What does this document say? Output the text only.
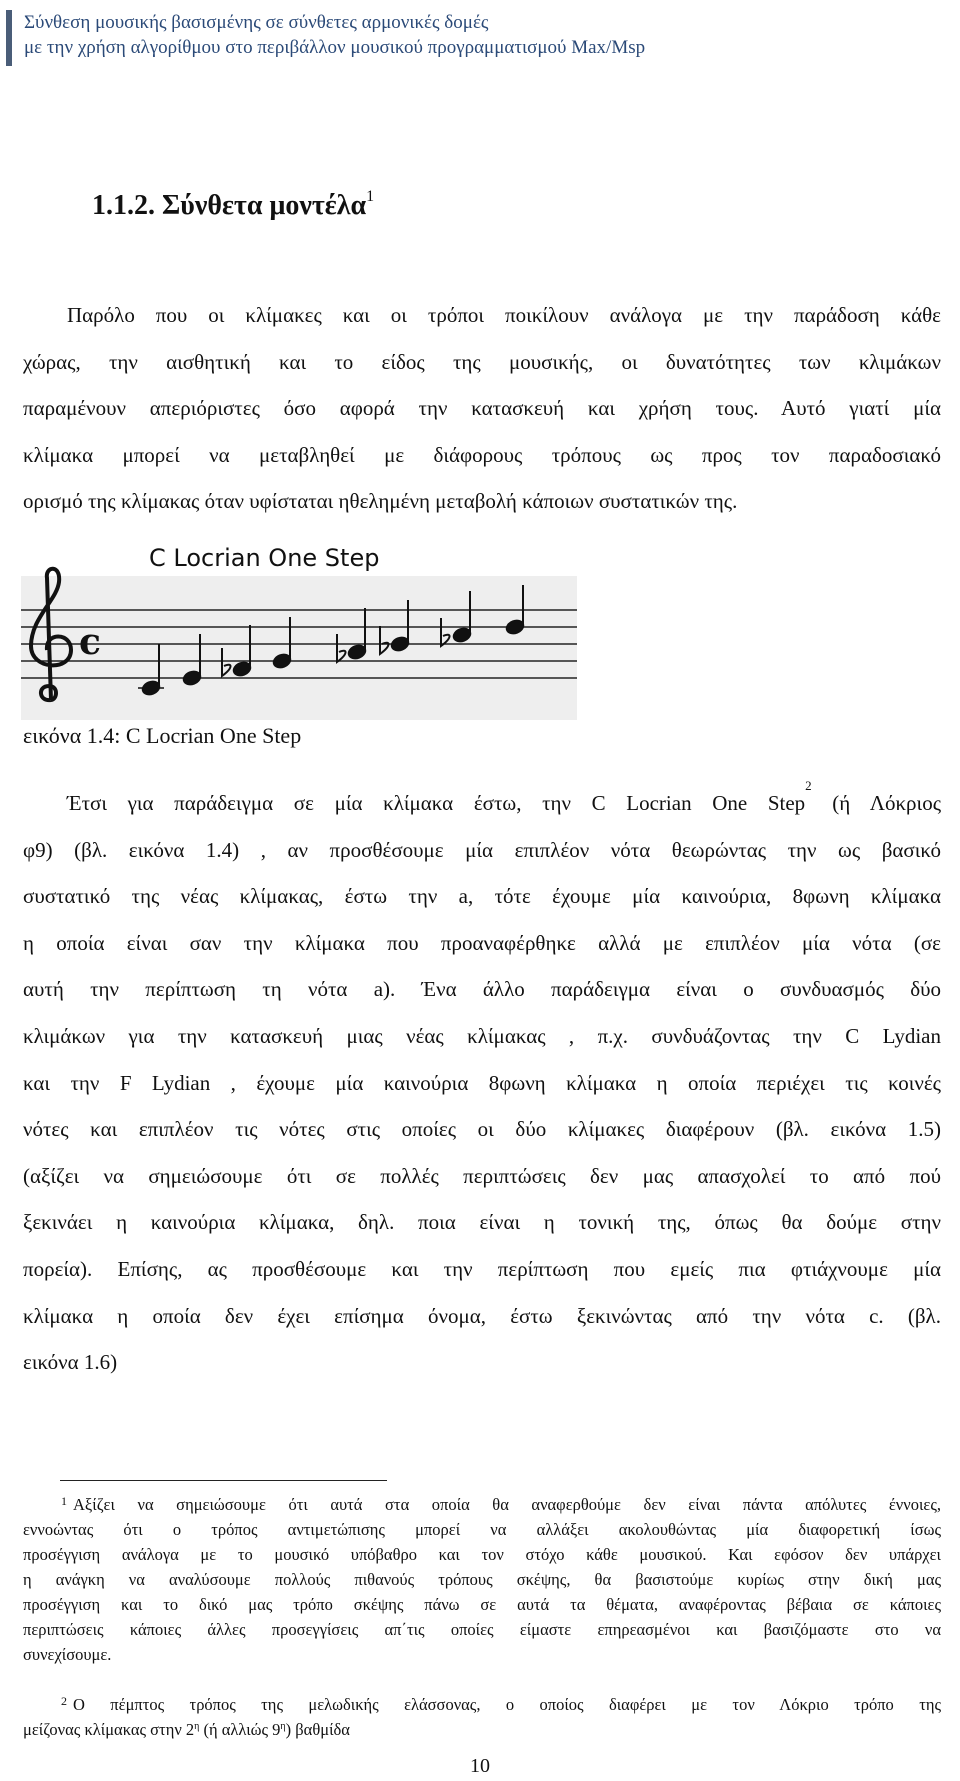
Σύνθεση μουσικής βασισμένης σε σύνθετες αρμονικές δομές
με την χρήση αλγορίθμου στο περιβάλλον μουσικού προγραμματισμού Max/Msp
1.1.2. Σύνθετα μοντέλα$^1$
Παρόλο που οι κλίμακες και οι τρόποι ποικίλουν ανάλογα με την παράδοση κάθε
χώρας, την αισθητική και το είδος της μουσικής, οι δυνατότητες των κλιμάκων
παραμένουν απεριόριστες όσο αφορά την κατασκευή και χρήση τους. Αυτό γιατί μία
κλίμακα μπορεί να μεταβληθεί με διάφορους τρόπους ως προς τον παραδοσιακό
ορισμό της κλίμακας όταν υφίσταται ηθελημένη μεταβολή κάποιων συστατικών της.
C Locrian One Step
c
εικόνα 1.4: C Locrian One Step
Έτσι για παράδειγμα σε μία κλίμακα έστω, την C Locrian One Step$^2$ (ή Λόκριος
φ9) (βλ. εικόνα 1.4) , αν προσθέσουμε μία επιπλέον νότα θεωρώντας την ως βασικό
συστατικό της νέας κλίμακας, έστω την a, τότε έχουμε μία καινούρια, 8φωνη κλίμακα
η οποία είναι σαν την κλίμακα που προαναφέρθηκε αλλά με επιπλέον μία νότα (σε
αυτή την περίπτωση τη νότα a). Ένα άλλο παράδειγμα είναι ο συνδυασμός δύο
κλιμάκων για την κατασκευή μιας νέας κλίμακας , π.χ. συνδυάζοντας την C Lydian
και την F Lydian , έχουμε μία καινούρια 8φωνη κλίμακα η οποία περιέχει τις κοινές
νότες και επιπλέον τις νότες στις οποίες οι δύο κλίμακες διαφέρουν (βλ. εικόνα 1.5)
(αξίζει να σημειώσουμε ότι σε πολλές περιπτώσεις δεν μας απασχολεί το από πού
ξεκινάει η καινούρια κλίμακα, δηλ. ποια είναι η τονική της, όπως θα δούμε στην
πορεία). Επίσης, ας προσθέσουμε και την περίπτωση που εμείς πια φτιάχνουμε μία
κλίμακα η οποία δεν έχει επίσημα όνομα, έστω ξεκινώντας από την νότα c. (βλ.
εικόνα 1.6)
$^1$ Αξίζει να σημειώσουμε ότι αυτά στα οποία θα αναφερθούμε δεν είναι πάντα απόλυτες έννοιες,
εννοώντας ότι ο τρόπος αντιμετώπισης μπορεί να αλλάξει ακολουθώντας μία διαφορετική ίσως
προσέγγιση ανάλογα με το μουσικό υπόβαθρο και τον στόχο κάθε μουσικού. Και εφόσον δεν υπάρχει
η ανάγκη να αναλύσουμε πολλούς πιθανούς τρόπους σκέψης, θα βασιστούμε κυρίως στην δική μας
προσέγγιση και το δικό μας τρόπο σκέψης πάνω σε αυτά τα θέματα, αναφέροντας βέβαια σε κάποιες
περιπτώσεις κάποιες άλλες προσεγγίσεις απ΄τις οποίες είμαστε επηρεασμένοι και βασιζόμαστε στο να
συνεχίσουμε.
$^2$ Ο πέμπτος τρόπος της μελωδικής ελάσσονας, ο οποίος διαφέρει με τον Λόκριο τρόπο της
μείζονας κλίμακας στην 2$^\eta$ (ή αλλιώς 9$^\eta$) βαθμίδα
10
